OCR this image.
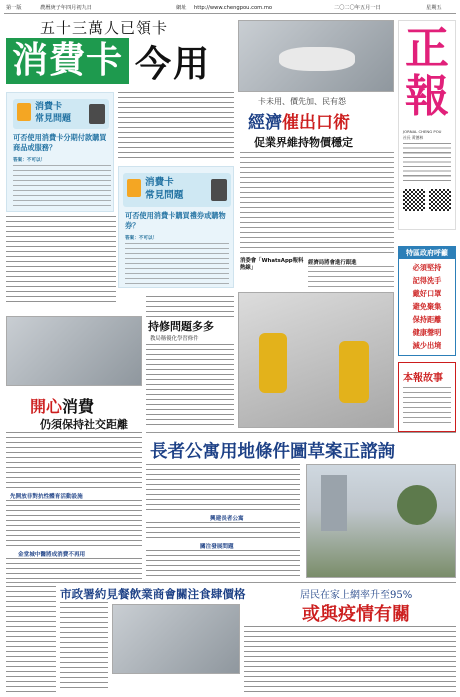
第一版	農曆庚子年四月初九日	網址 http://www.chengpou.com.mo	二〇二〇年五月一日	星期五
五十三萬人已領卡
消費卡 今用
消費卡
常見問題
可否使用消費卡分期付款購買商品或服務？
答案：不可以！
消費卡
常見問題
可否使用消費卡購買禮券或購物券？
答案：不可以！
卡未用、價先加、民有怨
經濟催出口術
促業界維持物價穩定
消委會「WhatsApp報料熱線」
經濟局將會進行跟進
正
報
JORNAL CHENG POU
社長 黃德林
特區政府呼籲
必須堅持
記得洗手
戴好口罩
避免聚集
保持距離
健康聲明
減少出境
開心消費
仍須保持社交距離
先開放非對抗性體育活動設施
金堂城中醫將成消費不再用
持修問題多多
教局稱優化學習條件
本報故事
長者公寓用地條件圖草案正諮詢
興建長者公寓
關注發展問題
市政署約見餐飲業商會關注食肆價格	居民在家上網率升至95%
或與疫情有關
